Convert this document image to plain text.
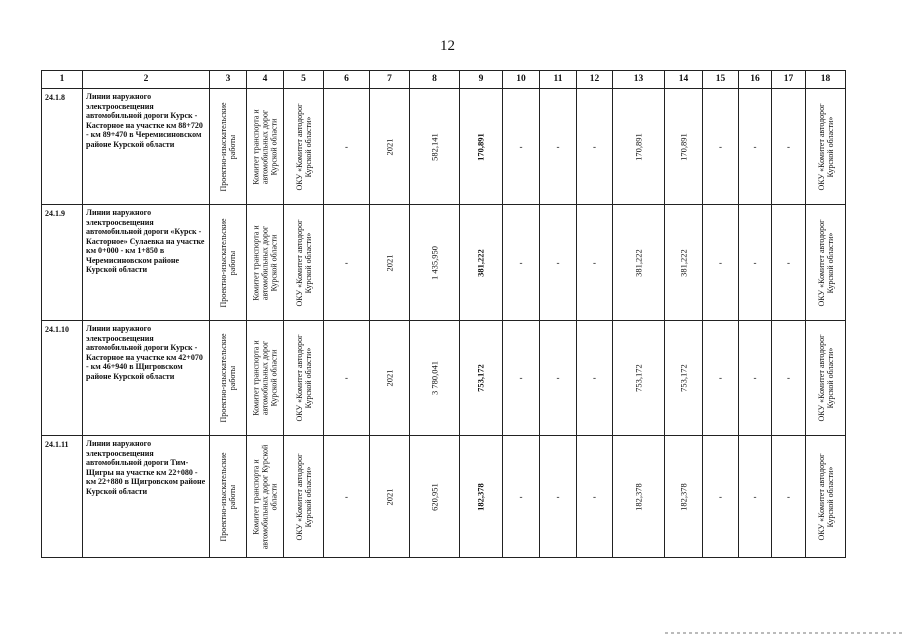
12
1	2	3	4	5	6	7	8	9	10	11	12	13	14	15	16	17	18
24.1.8	Линии наружного электроосвещения автомобильной дороги Курск - Касторное на участке км 88+720 - км 89+470 в Черемисиновском районе Курской области	Проектно-изыскательские работы	Комитет транспорта и автомобильных дорог Курской области	ОКУ «Комитет автодорог Курской области»	-	2021	582,141	170,891	-	-	-	170,891	170,891	-	-	-	ОКУ «Комитет автодорог Курской области»

24.1.9	Линии наружного электроосвещения автомобильной дороги «Курск - Касторное» Сулаевка на участке км 0+000 - км 1+850 в Черемисиновском районе Курской области	Проектно-изыскательские работы	Комитет транспорта и автомобильных дорог Курской области	ОКУ «Комитет автодорог Курской области»	-	2021	1 435,950	381,222	-	-	-	381,222	381,222	-	-	-	ОКУ «Комитет автодорог Курской области»

24.1.10	Линии наружного электроосвещения автомобильной дороги Курск - Касторное на участке км 42+070 - км 46+940 в Щигровском районе Курской области	Проектно-изыскательские работы	Комитет транспорта и автомобильных дорог Курской области	ОКУ «Комитет автодорог Курской области»	-	2021	3 780,041	753,172	-	-	-	753,172	753,172	-	-	-	ОКУ «Комитет автодорог Курской области»

24.1.11	Линии наружного электроосвещения автомобильной дороги Тим-Щигры на участке км 22+080 - км 22+880 в Щигровском районе Курской области	Проектно-изыскательские работы	Комитет транспорта и автомобильных дорог Курской области	ОКУ «Комитет автодорог Курской области»	-	2021	620,951	182,378	-	-	-	182,378	182,378	-	-	-	ОКУ «Комитет автодорог Курской области»
